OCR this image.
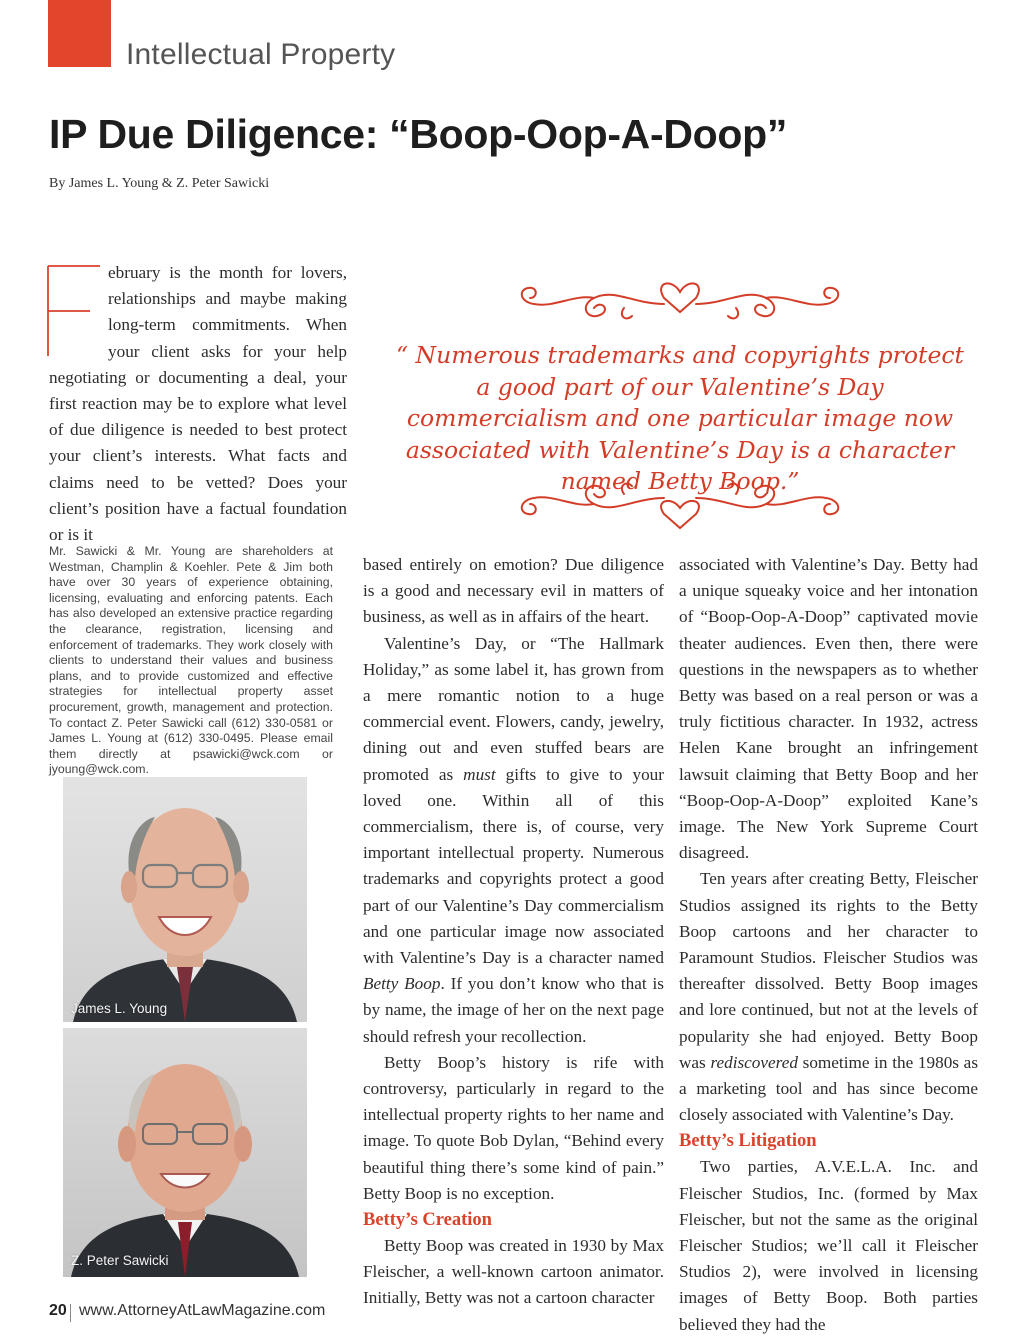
Intellectual Property
IP Due Diligence: “Boop-Oop-A-Doop”
By James L. Young & Z. Peter Sawicki
ebruary is the month for lovers, relationships and maybe making long-term commitments. When your client asks for your help negotiating or documenting a deal, your first reaction may be to explore what level of due diligence is needed to best protect your client’s interests. What facts and claims need to be vetted? Does your client’s position have a factual foundation or is it
“ Numerous trademarks and copyrights protect a good part of our Valentine’s Day commercialism and one particular image now associated with Valentine’s Day is a character named Betty Boop.”
Mr. Sawicki & Mr. Young are shareholders at Westman, Champlin & Koehler. Pete & Jim both have over 30 years of experience obtaining, licensing, evaluating and enforcing patents. Each has also developed an extensive practice regarding the clearance, registration, licensing and enforcement of trademarks. They work closely with clients to understand their values and business plans, and to provide customized and effective strategies for intellectual property asset procurement, growth, management and protection. To contact Z. Peter Sawicki call (612) 330-0581 or James L. Young at (612) 330-0495. Please email them directly at psawicki@wck.com or jyoung@wck.com.
James L. Young
Z. Peter Sawicki

based entirely on emotion? Due diligence is a good and necessary evil in matters of business, as well as in affairs of the heart.

Valentine’s Day, or “The Hallmark Holiday,” as some label it, has grown from a mere romantic notion to a huge commercial event. Flowers, candy, jewelry, dining out and even stuffed bears are promoted as must gifts to give to your loved one. Within all of this commercialism, there is, of course, very important intellectual property. Numerous trademarks and copyrights protect a good part of our Valentine’s Day commercialism and one particular image now associated with Valentine’s Day is a character named Betty Boop. If you don’t know who that is by name, the image of her on the next page should refresh your recollection.

Betty Boop’s history is rife with controversy, particularly in regard to the intellectual property rights to her name and image. To quote Bob Dylan, “Behind every beautiful thing there’s some kind of pain.” Betty Boop is no exception.

Betty’s Creation

Betty Boop was created in 1930 by Max Fleischer, a well-known cartoon animator. Initially, Betty was not a cartoon character

associated with Valentine’s Day. Betty had a unique squeaky voice and her intonation of “Boop-Oop-A-Doop” captivated movie theater audiences. Even then, there were questions in the newspapers as to whether Betty was based on a real person or was a truly fictitious character. In 1932, actress Helen Kane brought an infringement lawsuit claiming that Betty Boop and her “Boop-Oop-A-Doop” exploited Kane’s image. The New York Supreme Court disagreed.

Ten years after creating Betty, Fleischer Studios assigned its rights to the Betty Boop cartoons and her character to Paramount Studios. Fleischer Studios was thereafter dissolved. Betty Boop images and lore continued, but not at the levels of popularity she had enjoyed. Betty Boop was rediscovered sometime in the 1980s as a marketing tool and has since become closely associated with Valentine’s Day.

Betty’s Litigation

Two parties, A.V.E.L.A. Inc. and Fleischer Studios, Inc. (formed by Max Fleischer, but not the same as the original Fleischer Studios; we’ll call it Fleischer Studios 2), were involved in licensing images of Betty Boop. Both parties believed they had the

20 www.AttorneyAtLawMagazine.com
